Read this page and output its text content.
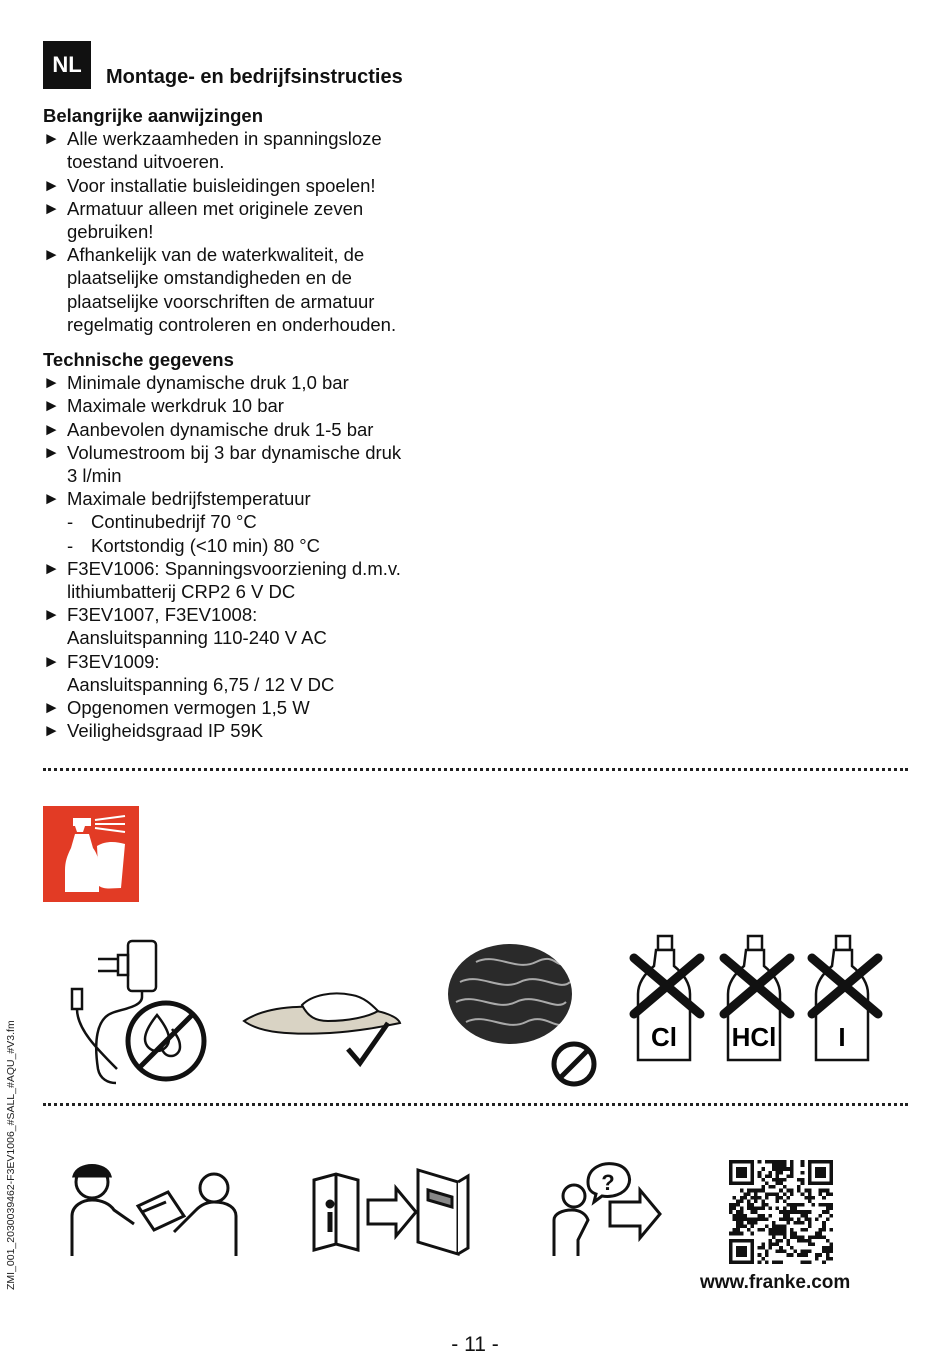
NL	Montage- en bedrijfsinstructies
Belangrijke aanwijzingen
► Alle werkzaamheden in spanningsloze
toestand uitvoeren.
► Voor installatie buisleidingen spoelen!
► Armatuur alleen met originele zeven
gebruiken!
► Afhankelijk van de waterkwaliteit, de
plaatselijke omstandigheden en de
plaatselijke voorschriften de armatuur
regelmatig controleren en onderhouden.
Technische gegevens
► Minimale dynamische druk 1,0 bar
► Maximale werkdruk 10 bar
► Aanbevolen dynamische druk 1-5 bar
► Volumestroom bij 3 bar dynamische druk
3 l/min
► Maximale bedrijfstemperatuur
- Continubedrijf 70 °C
- Kortstondig (<10 min) 80 °C
► F3EV1006: Spanningsvoorziening d.m.v.
lithiumbatterij CRP2 6 V DC
► F3EV1007, F3EV1008:
Aansluitspanning 110-240 V AC
► F3EV1009:
Aansluitspanning 6,75 / 12 V DC
► Opgenomen vermogen 1,5 W
► Veiligheidsgraad IP 59K
Cl HCl I
?
www.franke.com
- 11 -
ZMI_001_2030039462-F3EV1006_#SALL_#AQU_#V3.fm
